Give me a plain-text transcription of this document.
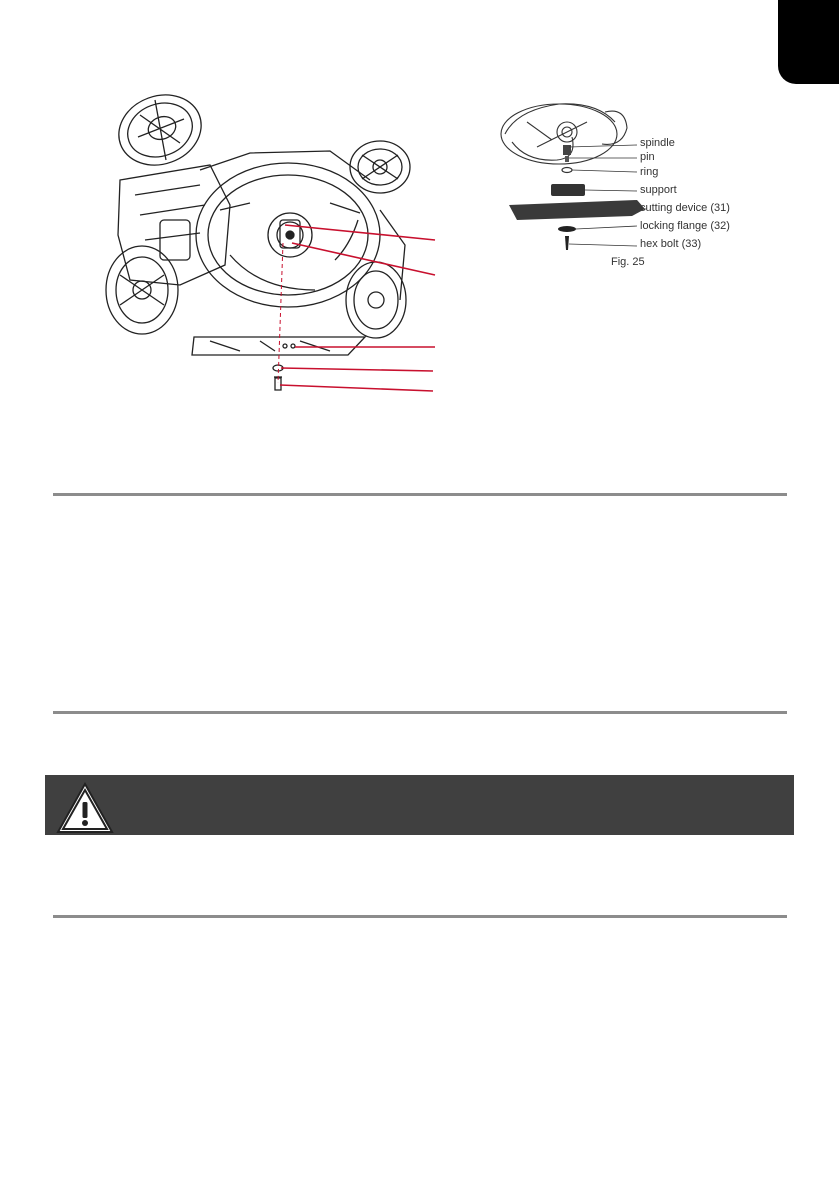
spindle
pin
ring
support
cutting device (31)
locking flange (32)
hex bolt (33)
Fig. 25
